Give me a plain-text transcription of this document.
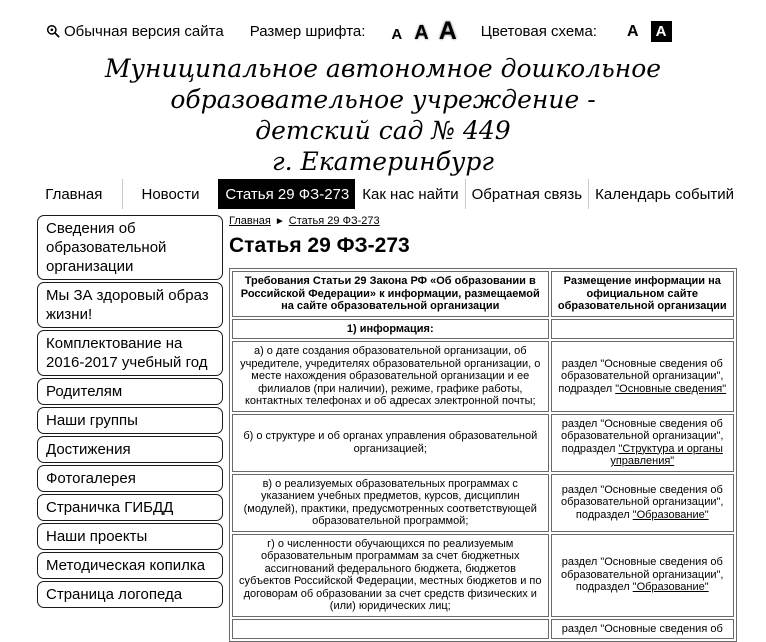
Обычная версия сайта Размер шрифта: А А А Цветовая схема: А	А
Муниципальное автономное дошкольное
образовательное учреждение -
детский сад № 449
г. Екатеринбург
Главная	Новости	Статья 29 ФЗ-273 Как нас найти Обратная связь Календарь событий
Сведения об образовательной организации
Мы ЗА здоровый образ жизни!
Комплектование на 2016-2017 учебный год
Родителям
Наши группы
Достижения
Фотогалерея
Страничка ГИБДД
Наши проекты
Методическая копилка
Страница логопеда
Главная ► Статья 29 ФЗ-273
Статья 29 ФЗ-273
Требования Статьи 29 Закона РФ «Об образовании в Российской Федерации» к информации, размещаемой на сайте образовательной организации	Размещение информации на официальном сайте образовательной организации
1) информация:	
а) о дате создания образовательной организации, об учредителе, учредителях образовательной организации, о месте нахождения образовательной организации и ее филиалов (при наличии), режиме, графике работы, контактных телефонах и об адресах электронной почты;	раздел "Основные сведения об образовательной организации", подраздел "Основные сведения"
б) о структуре и об органах управления образовательной организацией;	раздел "Основные сведения об образовательной организации", подраздел "Структура и органы управления"
в) о реализуемых образовательных программах с указанием учебных предметов, курсов, дисциплин (модулей), практики, предусмотренных соответствующей образовательной программой;	раздел "Основные сведения об образовательной организации", подраздел "Образование"
г) о численности обучающихся по реализуемым образовательным программам за счет бюджетных ассигнований федерального бюджета, бюджетов субъектов Российской Федерации, местных бюджетов и по договорам об образовании за счет средств физических и (или) юридических лиц;	раздел "Основные сведения об образовательной организации", подраздел "Образование"
	раздел "Основные сведения об
